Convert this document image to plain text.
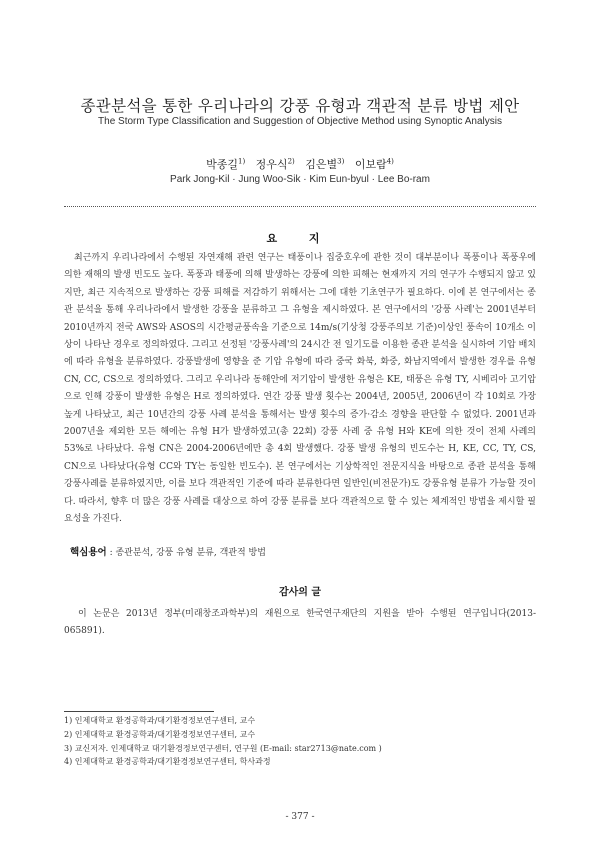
종관분석을 통한 우리나라의 강풍 유형과 객관적 분류 방법 제안
The Storm Type Classification and Suggestion of Objective Method using Synoptic Analysis
박종길$^{1)}$ 정우식$^{2)}$ 김은별$^{3)}$ 이보람$^{4)}$
Park Jong-Kil · Jung Woo-Sik · Kim Eun-byul · Lee Bo-ram
요 지

최근까지 우리나라에서 수행된 자연재해 관련 연구는 태풍이나 집중호우에 관한 것이 대부분이나 폭풍이나 폭풍우에 의한 재해의 발생 빈도도 높다. 폭풍과 태풍에 의해 발생하는 강풍에 의한 피해는 현재까지 거의 연구가 수행되지 않고 있지만, 최근 지속적으로 발생하는 강풍 피해를 저감하기 위해서는 그에 대한 기초연구가 필요하다. 이에 본 연구에서는 종관 분석을 통해 우리나라에서 발생한 강풍을 분류하고 그 유형을 제시하였다. 본 연구에서의 '강풍 사례'는 2001년부터 2010년까지 전국 AWS와 ASOS의 시간평균풍속을 기준으로 14m/s(기상청 강풍주의보 기준)이상인 풍속이 10개소 이상이 나타난 경우로 정의하였다. 그리고 선정된 '강풍사례'의 24시간 전 일기도를 이용한 종관 분석을 실시하여 기압 배치에 따라 유형을 분류하였다. 강풍발생에 영향을 준 기압 유형에 따라 중국 화북, 화중, 화남지역에서 발생한 경우를 유형 CN, CC, CS으로 정의하였다. 그리고 우리나라 동해안에 저기압이 발생한 유형은 KE, 태풍은 유형 TY, 시베리아 고기압으로 인해 강풍이 발생한 유형은 H로 정의하였다. 연간 강풍 발생 횟수는 2004년, 2005년, 2006년이 각 10회로 가장 높게 나타났고, 최근 10년간의 강풍 사례 분석을 통해서는 발생 횟수의 증가·감소 경향을 판단할 수 없었다. 2001년과 2007년을 제외한 모든 해에는 유형 H가 발생하였고(총 22회) 강풍 사례 중 유형 H와 KE에 의한 것이 전체 사례의 53%로 나타났다. 유형 CN은 2004-2006년에만 총 4회 발생했다. 강풍 발생 유형의 빈도수는 H, KE, CC, TY, CS, CN으로 나타났다(유형 CC와 TY는 동일한 빈도수). 본 연구에서는 기상학적인 전문지식을 바탕으로 종관 분석을 통해 강풍사례를 분류하였지만, 이를 보다 객관적인 기준에 따라 분류한다면 일반인(비전문가)도 강풍유형 분류가 가능할 것이다. 따라서, 향후 더 많은 강풍 사례를 대상으로 하여 강풍 분류를 보다 객관적으로 할 수 있는 체계적인 방법을 제시할 필요성을 가진다.

핵심용어 : 종관분석, 강풍 유형 분류, 객관적 방법
감사의 글

이 논문은 2013년 정부(미래창조과학부)의 재원으로 한국연구재단의 지원을 받아 수행된 연구입니다(2013-065891).

1) 인제대학교 환경공학과/대기환경정보연구센터, 교수
2) 인제대학교 환경공학과/대기환경정보연구센터, 교수
3) 교신저자. 인제대학교 대기환경정보연구센터, 연구원 (E-mail: star2713@nate.com )
4) 인제대학교 환경공학과/대기환경정보연구센터, 학사과정
- 377 -
